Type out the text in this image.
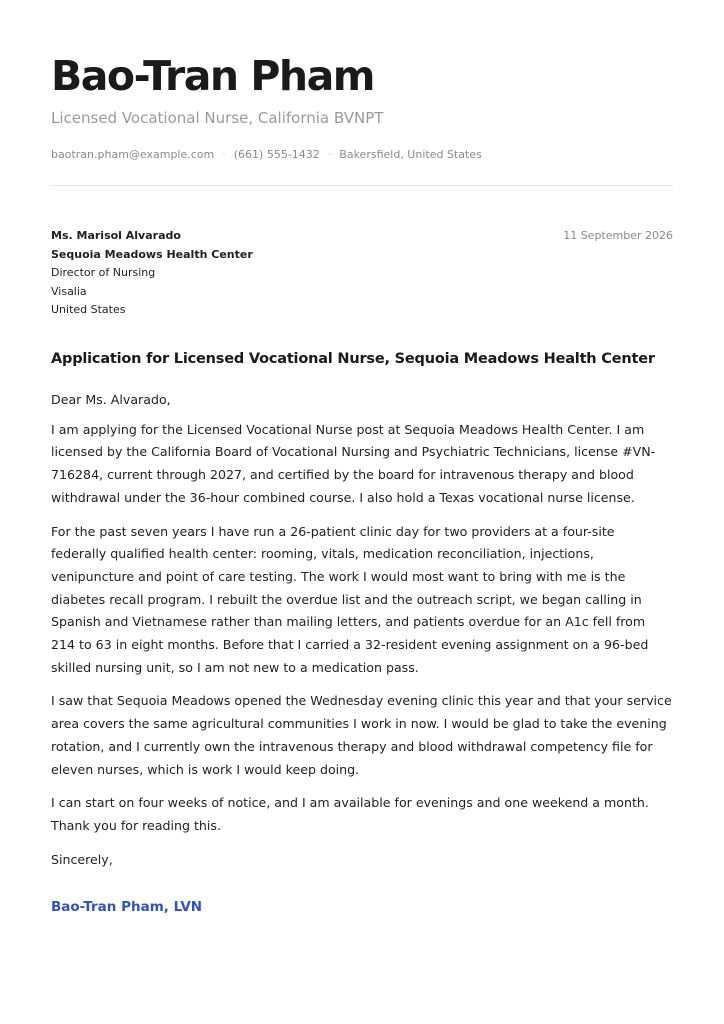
Bao-Tran Pham
Licensed Vocational Nurse, California BVNPT
baotran.pham@example.com · (661) 555-1432 · Bakersfield, United States
Ms. Marisol Alvarado
Sequoia Meadows Health Center
Director of Nursing
Visalia
United States
11 September 2026
Application for Licensed Vocational Nurse, Sequoia Meadows Health Center

Dear Ms. Alvarado,

I am applying for the Licensed Vocational Nurse post at Sequoia Meadows Health Center. I am licensed by the California Board of Vocational Nursing and Psychiatric Technicians, license #VN-716284, current through 2027, and certified by the board for intravenous therapy and blood withdrawal under the 36-hour combined course. I also hold a Texas vocational nurse license.

For the past seven years I have run a 26-patient clinic day for two providers at a four-site federally qualified health center: rooming, vitals, medication reconciliation, injections, venipuncture and point of care testing. The work I would most want to bring with me is the diabetes recall program. I rebuilt the overdue list and the outreach script, we began calling in Spanish and Vietnamese rather than mailing letters, and patients overdue for an A1c fell from 214 to 63 in eight months. Before that I carried a 32-resident evening assignment on a 96-bed skilled nursing unit, so I am not new to a medication pass.

I saw that Sequoia Meadows opened the Wednesday evening clinic this year and that your service area covers the same agricultural communities I work in now. I would be glad to take the evening rotation, and I currently own the intravenous therapy and blood withdrawal competency file for eleven nurses, which is work I would keep doing.

I can start on four weeks of notice, and I am available for evenings and one weekend a month. Thank you for reading this.

Sincerely,
Bao-Tran Pham, LVN
